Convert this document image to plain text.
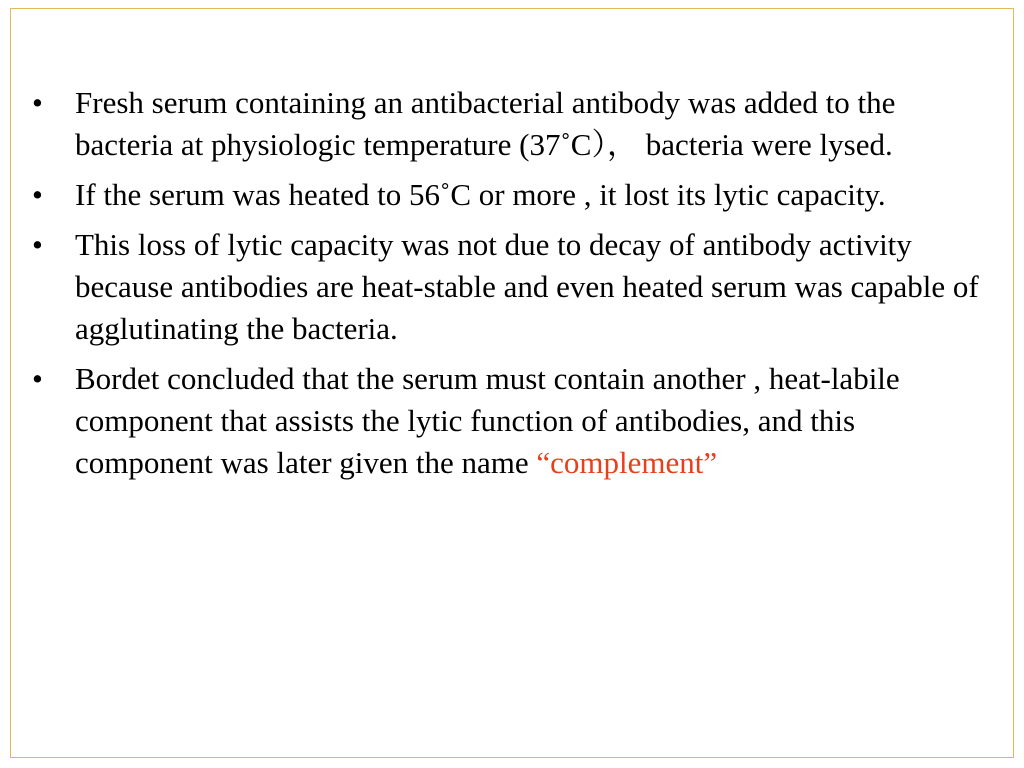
• Fresh serum containing an antibacterial antibody was added to the bacteria at physiologic temperature (37˚C）， bacteria were lysed.
• If the serum was heated to 56˚C or more , it lost its lytic capacity.
• This loss of lytic capacity was not due to decay of antibody activity because antibodies are heat-stable and even heated serum was capable of agglutinating the bacteria.
• Bordet concluded that the serum must contain another , heat-labile component that assists the lytic function of antibodies, and this component was later given the name “complement”
